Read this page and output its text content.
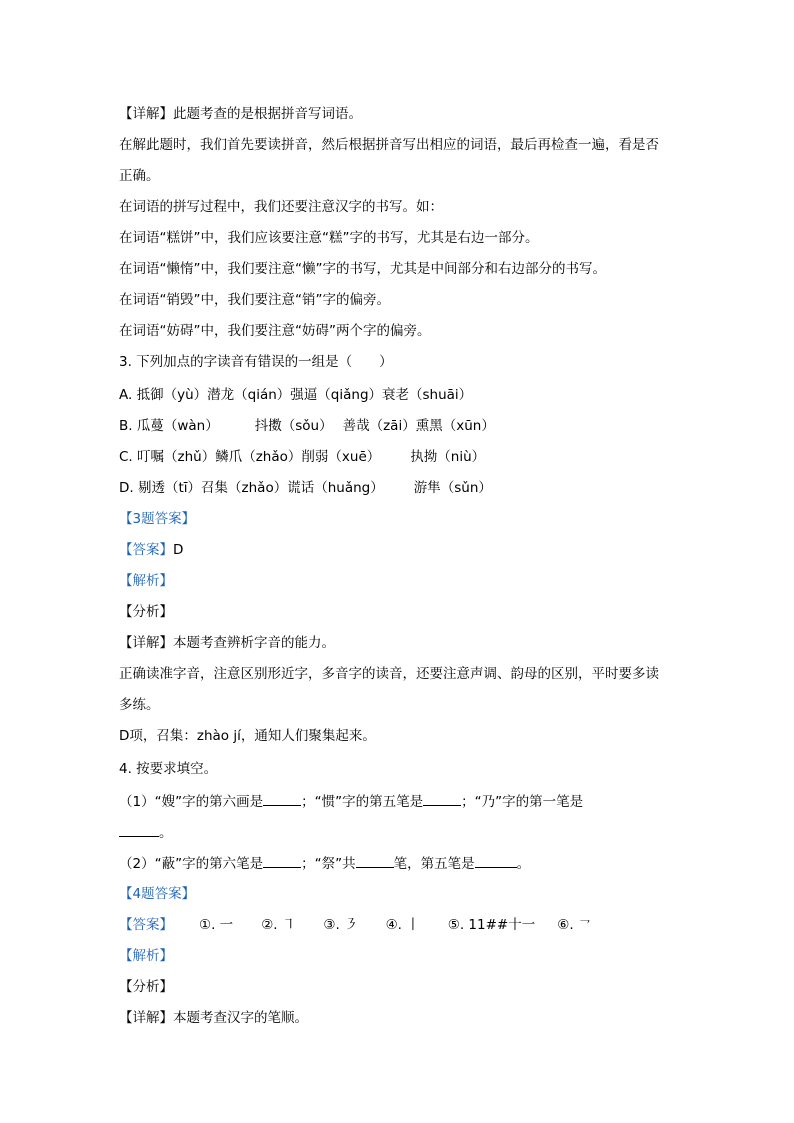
【详解】此题考查的是根据拼音写词语。
在解此题时，我们首先要读拼音，然后根据拼音写出相应的词语，最后再检查一遍，看是否
正确。
在词语的拼写过程中，我们还要注意汉字的书写。如：
在词语“糕饼”中，我们应该要注意“糕”字的书写，尤其是右边一部分。
在词语“懒惰”中，我们要注意“懒”字的书写，尤其是中间部分和右边部分的书写。
在词语“销毁”中，我们要注意“销”字的偏旁。
在词语“妨碍”中，我们要注意“妨碍”两个字的偏旁。
3. 下列加点的字读音有错误的一组是（　　）
A. 抵御（yù）潜龙（qián）强逼（qiǎng）衰老（shuāi）
B. 瓜蔓（wàn）	抖擞（sǒu） 善哉（zāi）熏黑（xūn）
C. 叮嘱（zhǔ）鳞爪（zhǎo）削弱（xuē） 执拗（niù）
D. 剔透（tī）召集（zhǎo）谎话（huǎng） 游隼（sǔn）
【3题答案】
【答案】D
【解析】
【分析】
【详解】本题考查辨析字音的能力。
正确读准字音，注意区别形近字，多音字的读音，还要注意声调、韵母的区别，平时要多读
多练。
D项，召集：zhào jí，通知人们聚集起来。
4. 按要求填空。
（1）“嫂”字的第六画是	；“惯”字的第五笔是	；“乃”字的第一笔是
。
（2）“蔽”字的第六笔是	；“祭”共	笔，第五笔是	。
【4题答案】
【答案】 ①. 一 ②. ㇕ ③. ㇋ ④. 丨 ⑤. 11##十一 ⑥. ㇖
【解析】
【分析】
【详解】本题考查汉字的笔顺。
